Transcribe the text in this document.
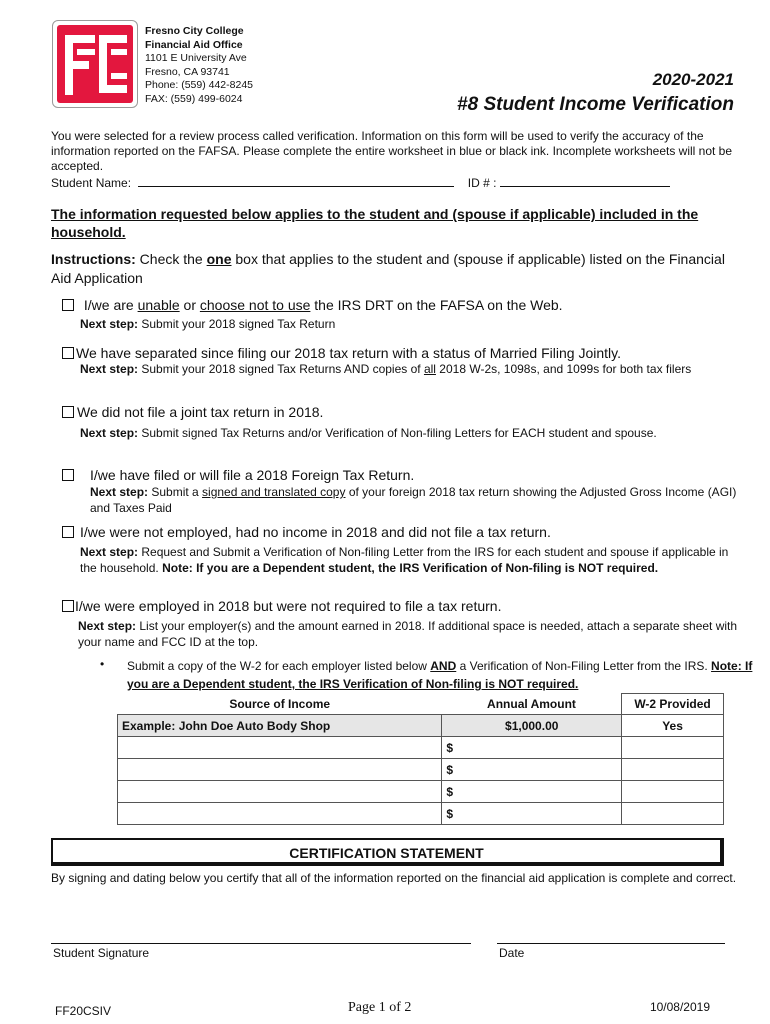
Fresno City College
Financial Aid Office
1101 E University Ave
Fresno, CA 93741
Phone: (559) 442-8245
FAX: (559) 499-6024
2020-2021
#8 Student Income Verification
You were selected for a review process called verification. Information on this form will be used to verify the accuracy of the information reported on the FAFSA. Please complete the entire worksheet in blue or black ink. Incomplete worksheets will not be accepted.
Student Name:	ID # :
The information requested below applies to the student and (spouse if applicable) included in the household.
Instructions: Check the one box that applies to the student and (spouse if applicable) listed on the Financial Aid Application
I/we are unable or choose not to use the IRS DRT on the FAFSA on the Web.
Next step: Submit your 2018 signed Tax Return
We have separated since filing our 2018 tax return with a status of Married Filing Jointly.
Next step: Submit your 2018 signed Tax Returns AND copies of all 2018 W-2s, 1098s, and 1099s for both tax filers
We did not file a joint tax return in 2018.
Next step: Submit signed Tax Returns and/or Verification of Non-filing Letters for EACH student and spouse.
I/we have filed or will file a 2018 Foreign Tax Return.
Next step: Submit a signed and translated copy of your foreign 2018 tax return showing the Adjusted Gross Income (AGI) and Taxes Paid
I/we were not employed, had no income in 2018 and did not file a tax return.
Next step: Request and Submit a Verification of Non-filing Letter from the IRS for each student and spouse if applicable in the household. Note: If you are a Dependent student, the IRS Verification of Non-filing is NOT required.
I/we were employed in 2018 but were not required to file a tax return.
Next step: List your employer(s) and the amount earned in 2018. If additional space is needed, attach a separate sheet with your name and FCC ID at the top.
• Submit a copy of the W-2 for each employer listed below AND a Verification of Non-Filing Letter from the IRS. Note: If you are a Dependent student, the IRS Verification of Non-filing is NOT required.
Source of Income	Annual Amount	W-2 Provided
Example: John Doe Auto Body Shop	$1,000.00	Yes
	$	
	$	
	$	
	$	
CERTIFICATION STATEMENT
By signing and dating below you certify that all of the information reported on the financial aid application is complete and correct.
Student Signature	Date
FF20CSIV	Page 1 of 2	10/08/2019
